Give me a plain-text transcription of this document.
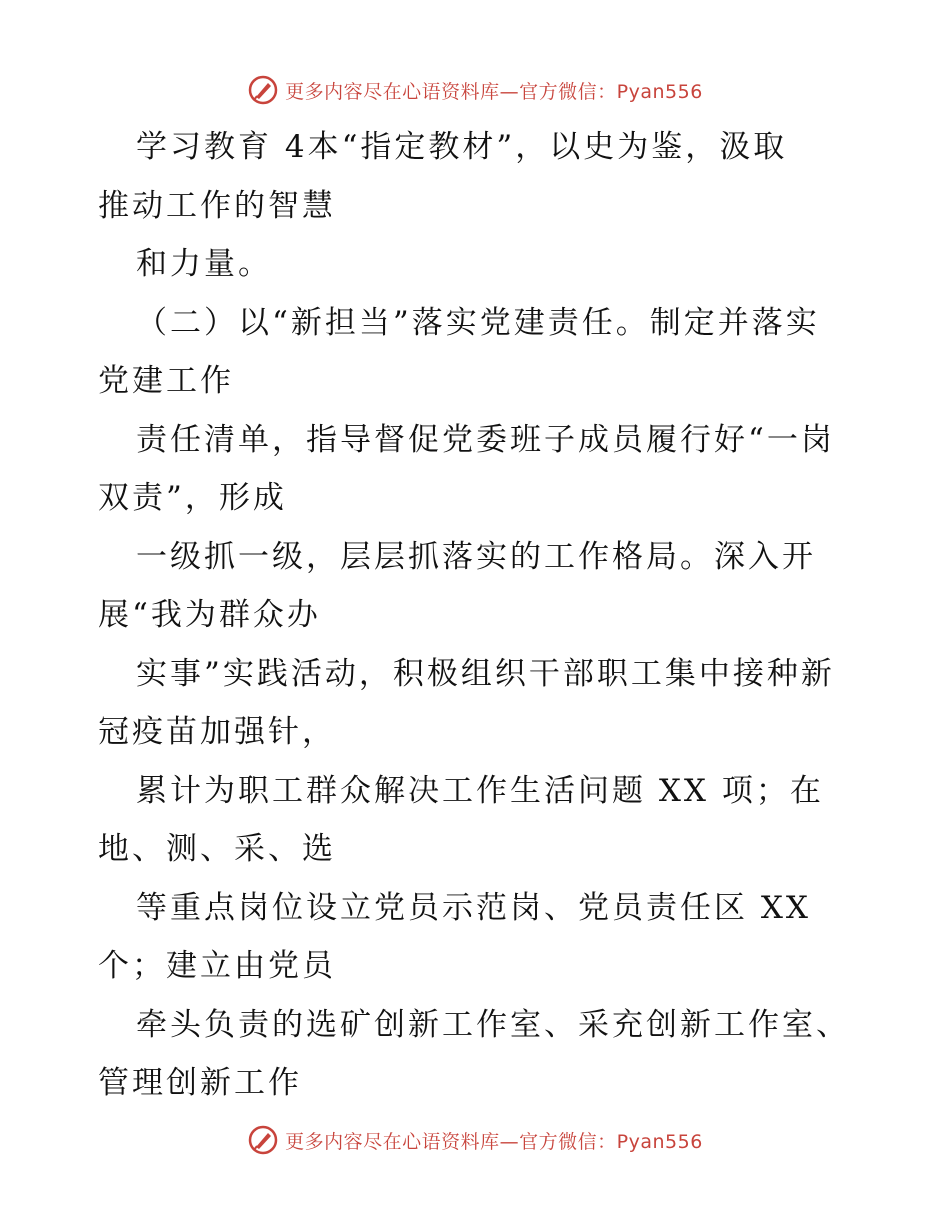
更多内容尽在心语资料库—官方微信：Pyan556
学习教育 4本“指定教材”，以史为鉴，汲取
推动工作的智慧
和力量。
（二）以“新担当”落实党建责任。制定并落实
党建工作
责任清单，指导督促党委班子成员履行好“一岗
双责”，形成
一级抓一级，层层抓落实的工作格局。深入开
展“我为群众办
实事”实践活动，积极组织干部职工集中接种新
冠疫苗加强针，
累计为职工群众解决工作生活问题 XX 项；在
地、测、采、选
等重点岗位设立党员示范岗、党员责任区 XX
个；建立由党员
牵头负责的选矿创新工作室、采充创新工作室、
管理创新工作
更多内容尽在心语资料库—官方微信：Pyan556
